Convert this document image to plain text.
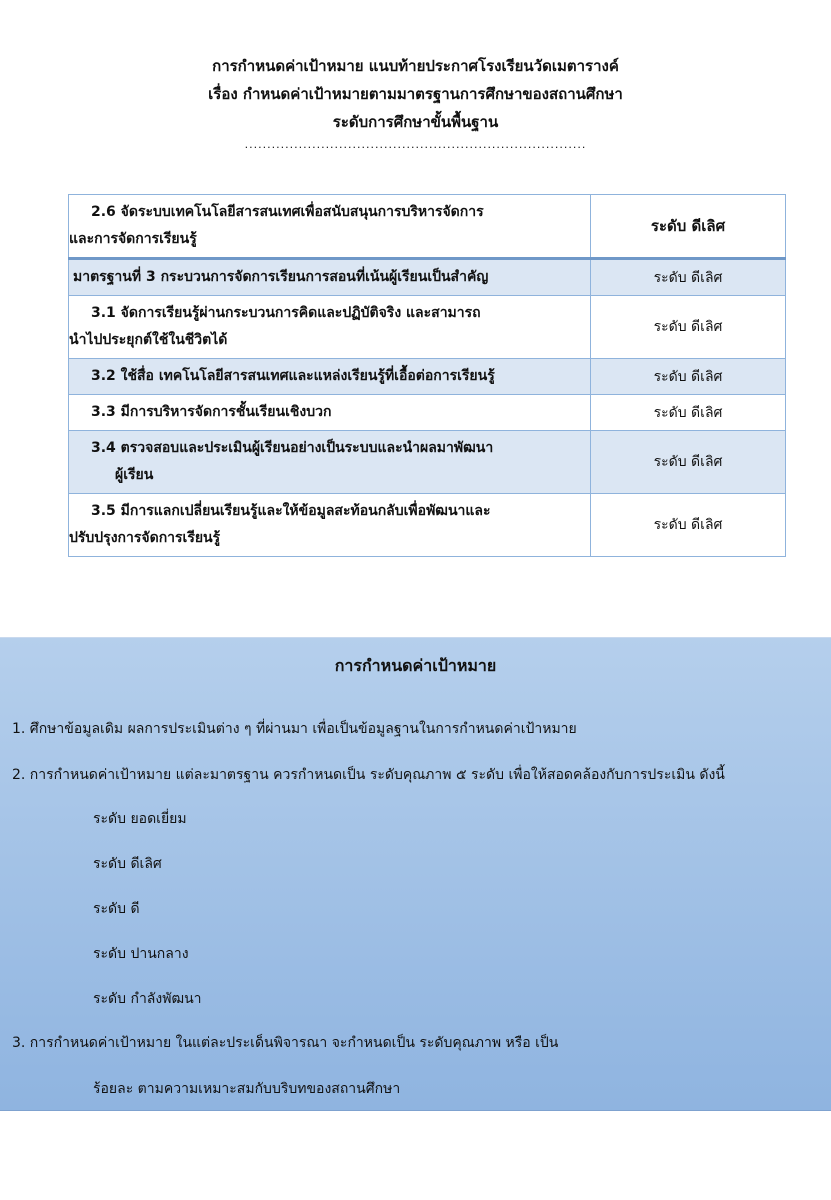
การกำหนดค่าเป้าหมาย แนบท้ายประกาศโรงเรียนวัดเมตารางค์
เรื่อง กำหนดค่าเป้าหมายตามมาตรฐานการศึกษาของสถานศึกษา
ระดับการศึกษาขั้นพื้นฐาน
............................................................................
2.6 จัดระบบเทคโนโลยีสารสนเทศเพื่อสนับสนุนการบริหารจัดการ
และการจัดการเรียนรู้	ระดับ ดีเลิศ
มาตรฐานที่ 3 กระบวนการจัดการเรียนการสอนที่เน้นผู้เรียนเป็นสำคัญ	ระดับ ดีเลิศ
3.1 จัดการเรียนรู้ผ่านกระบวนการคิดและปฏิบัติจริง และสามารถ
นำไปประยุกต์ใช้ในชีวิตได้	ระดับ ดีเลิศ
3.2 ใช้สื่อ เทคโนโลยีสารสนเทศและแหล่งเรียนรู้ที่เอื้อต่อการเรียนรู้	ระดับ ดีเลิศ
3.3 มีการบริหารจัดการชั้นเรียนเชิงบวก	ระดับ ดีเลิศ
3.4 ตรวจสอบและประเมินผู้เรียนอย่างเป็นระบบและนำผลมาพัฒนา
ผู้เรียน	ระดับ ดีเลิศ
3.5 มีการแลกเปลี่ยนเรียนรู้และให้ข้อมูลสะท้อนกลับเพื่อพัฒนาและ
ปรับปรุงการจัดการเรียนรู้	ระดับ ดีเลิศ
การกำหนดค่าเป้าหมาย
1. ศึกษาข้อมูลเดิม ผลการประเมินต่าง ๆ ที่ผ่านมา เพื่อเป็นข้อมูลฐานในการกำหนดค่าเป้าหมาย
2. การกำหนดค่าเป้าหมาย แต่ละมาตรฐาน ควรกำหนดเป็น ระดับคุณภาพ ๕ ระดับ เพื่อให้สอดคล้องกับการประเมิน ดังนี้
ระดับ ยอดเยี่ยม
ระดับ ดีเลิศ
ระดับ ดี
ระดับ ปานกลาง
ระดับ กำลังพัฒนา
3. การกำหนดค่าเป้าหมาย ในแต่ละประเด็นพิจารณา จะกำหนดเป็น ระดับคุณภาพ หรือ เป็น
ร้อยละ ตามความเหมาะสมกับบริบทของสถานศึกษา
